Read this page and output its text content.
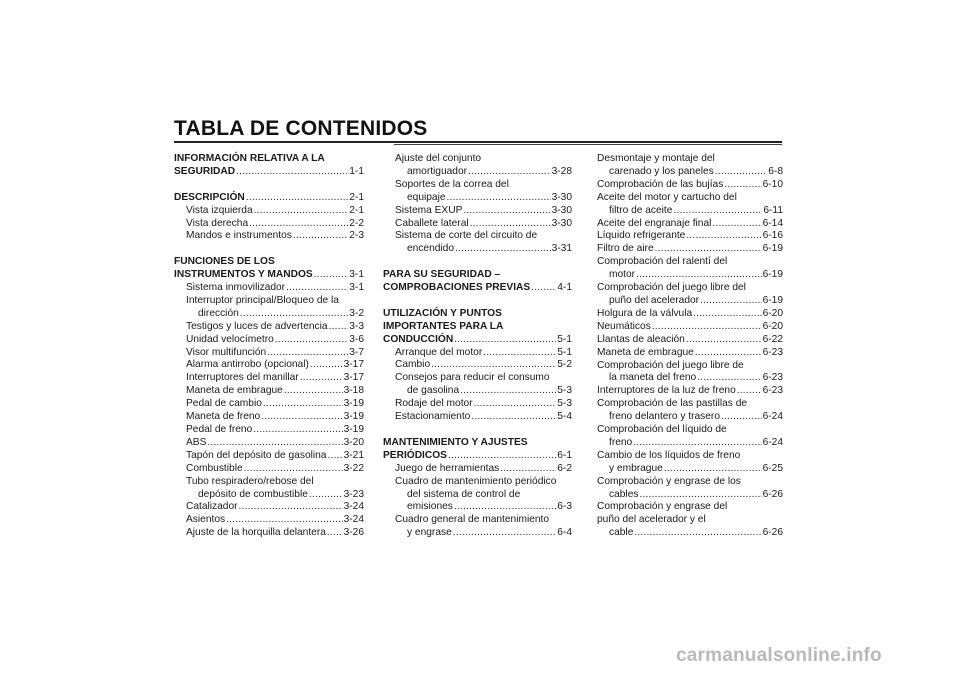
TABLA DE CONTENIDOS
INFORMACIÓN RELATIVA A LA
SEGURIDAD .....	1-1
DESCRIPCIÓN .....	2-1
Vista izquierda .....	2-1
Vista derecha .....	2-2
Mandos e instrumentos .....	2-3
FUNCIONES DE LOS
INSTRUMENTOS Y MANDOS .....	3-1
Sistema inmovilizador .....	3-1
Interruptor principal/Bloqueo de la
dirección .....	3-2
Testigos y luces de advertencia ..... 3-3
Unidad velocímetro .....	3-6
Visor multifunción .....	3-7
Alarma antirrobo (opcional) .....	3-17
Interruptores del manillar .....	3-17
Maneta de embrague .....	3-18
Pedal de cambio .....	3-19
Maneta de freno .....	3-19
Pedal de freno .....	3-19
ABS .....	3-20
Tapón del depósito de gasolina ..... 3-21
Combustible .....	3-22
Tubo respiradero/rebose del
depósito de combustible .....	3-23
Catalizador .....	3-24
Asientos .....	3-24
Ajuste de la horquilla delantera ..... 3-26
Ajuste del conjunto
amortiguador .....	3-28
Soportes de la correa del
equipaje .....	3-30
Sistema EXUP .....	3-30
Caballete lateral .....	3-30
Sistema de corte del circuito de
encendido .....	3-31
PARA SU SEGURIDAD –
COMPROBACIONES PREVIAS .....	4-1
UTILIZACIÓN Y PUNTOS
IMPORTANTES PARA LA
CONDUCCIÓN .....	5-1
Arranque del motor .....	5-1
Cambio .....	5-2
Consejos para reducir el consumo
de gasolina .....	5-3
Rodaje del motor .....	5-3
Estacionamiento .....	5-4
MANTENIMIENTO Y AJUSTES
PERIÓDICOS .....	6-1
Juego de herramientas .....	6-2
Cuadro de mantenimiento periódico
del sistema de control de
emisiones .....	6-3
Cuadro general de mantenimiento
y engrase .....	6-4
Desmontaje y montaje del
carenado y los paneles .....	6-8
Comprobación de las bujías .....	6-10
Aceite del motor y cartucho del
filtro de aceite .....	6-11
Aceite del engranaje final .....	6-14
Líquido refrigerante .....	6-16
Filtro de aire .....	6-19
Comprobación del ralentí del
motor .....	6-19
Comprobación del juego libre del
puño del acelerador .....	6-19
Holgura de la válvula .....	6-20
Neumáticos .....	6-20
Llantas de aleación .....	6-22
Maneta de embrague .....	6-23
Comprobación del juego libre de
la maneta del freno .....	6-23
Interruptores de la luz de freno .....	6-23
Comprobación de las pastillas de
freno delantero y trasero .....	6-24
Comprobación del líquido de
freno .....	6-24
Cambio de los líquidos de freno
y embrague .....	6-25
Comprobación y engrase de los
cables .....	6-26
Comprobación y engrase del
puño del acelerador y el
cable .....	6-26
carmanualsonline.info
